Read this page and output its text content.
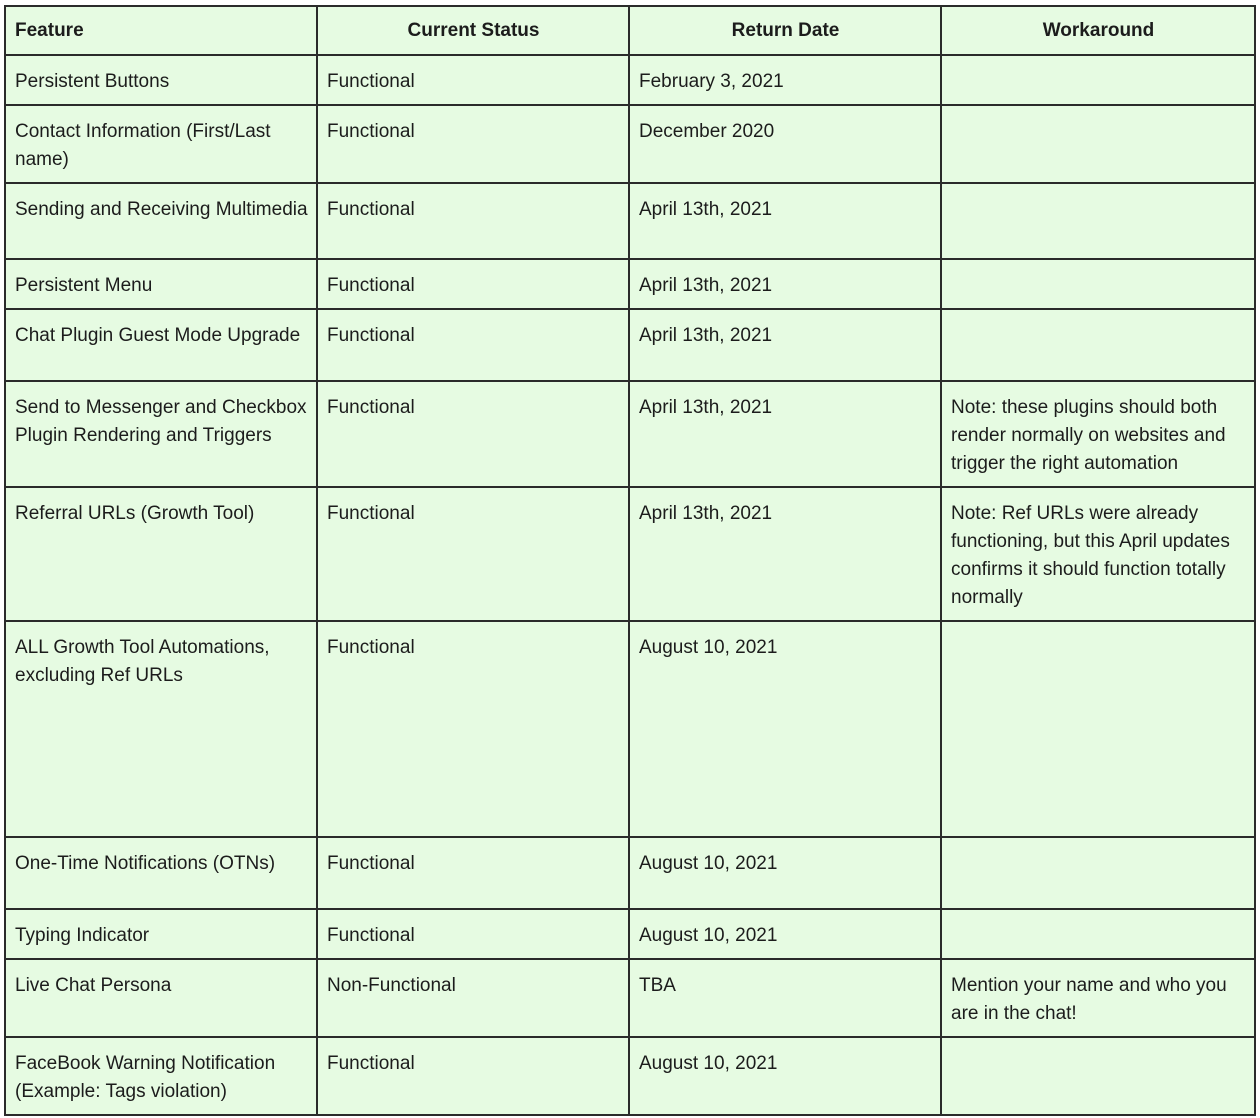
Feature	Current Status	Return Date	Workaround
Persistent Buttons	Functional	February 3, 2021	
Contact Information (First/Last name)	Functional	December 2020	
Sending and Receiving Multimedia	Functional	April 13th, 2021	
Persistent Menu	Functional	April 13th, 2021	
Chat Plugin Guest Mode Upgrade	Functional	April 13th, 2021	
Send to Messenger and Checkbox Plugin Rendering and Triggers	Functional	April 13th, 2021	Note: these plugins should both render normally on websites and trigger the right automation
Referral URLs (Growth Tool)	Functional	April 13th, 2021	Note: Ref URLs were already functioning, but this April updates confirms it should function totally normally
ALL Growth Tool Automations, excluding Ref URLs	Functional	August 10, 2021	
One-Time Notifications (OTNs)	Functional	August 10, 2021	
Typing Indicator	Functional	August 10, 2021	
Live Chat Persona	Non-Functional	TBA	Mention your name and who you are in the chat!
FaceBook Warning Notification (Example: Tags violation)	Functional	August 10, 2021	
